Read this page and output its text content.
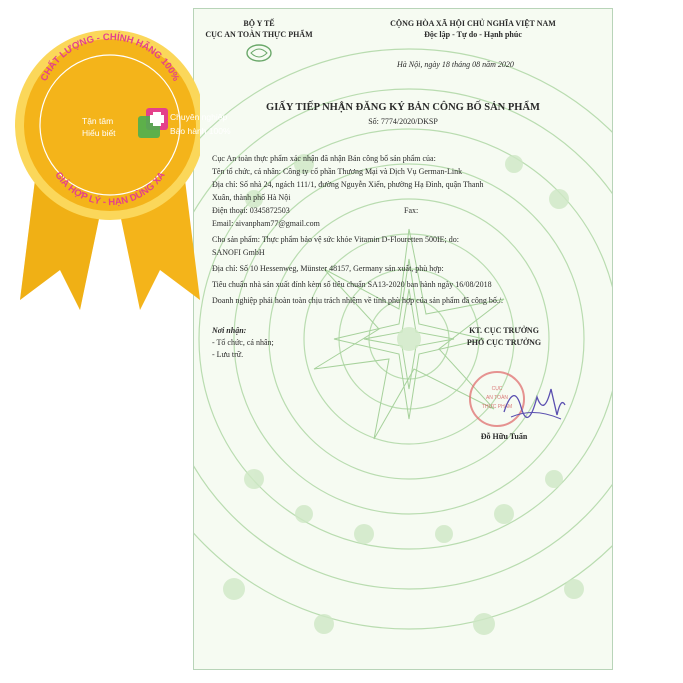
BỘ Y TẾ
CỤC AN TOÀN THỰC PHẨM
CỘNG HÒA XÃ HỘI CHỦ NGHĨA VIỆT NAM
Độc lập - Tự do - Hạnh phúc
Hà Nội, ngày 18 tháng 08 năm 2020
GIẤY TIẾP NHẬN ĐĂNG KÝ BẢN CÔNG BỐ SẢN PHẨM
Số: 7774/2020/DKSP
Cục An toàn thực phẩm xác nhận đã nhận Bản công bố sản phẩm của:
Tên tổ chức, cá nhân: Công ty cổ phần Thương Mại và Dịch Vụ German-Link
Địa chỉ: Số nhà 24, ngách 111/1, đường Nguyễn Xiển, phường Hạ Đình, quận Thanh
Xuân, thành phố Hà Nội
Điện thoại: 0345872503	Fax:
Email: aivanpham77@gmail.com
Cho sản phẩm: Thực phẩm bảo vệ sức khỏe Vitamin D-Flouretten 500IE; do:
SANOFI GmbH
Địa chỉ: Số 10 Hessenweg, Münster 48157, Germany sản xuất, phù hợp:
Tiêu chuẩn nhà sản xuất đính kèm số tiêu chuẩn SA13-2020 ban hành ngày 16/08/2018
Doanh nghiệp phải hoàn toàn chịu trách nhiệm về tính phù hợp của sản phẩm đã công bố./.
Nơi nhận:
- Tổ chức, cá nhân;
- Lưu trữ.
KT. CỤC TRƯỞNG
PHÓ CỤC TRƯỞNG
CỤC
AN TOÀN
THỰC PHẨM
Đỗ Hữu Tuấn
CHẤT LƯỢNG - CHÍNH HÃNG 100%
GIÁ HỢP LÝ - HẠN DÙNG XA
Tận tâm
Hiểu biết
Chuyên nghiệp
Bảo hành 100%
